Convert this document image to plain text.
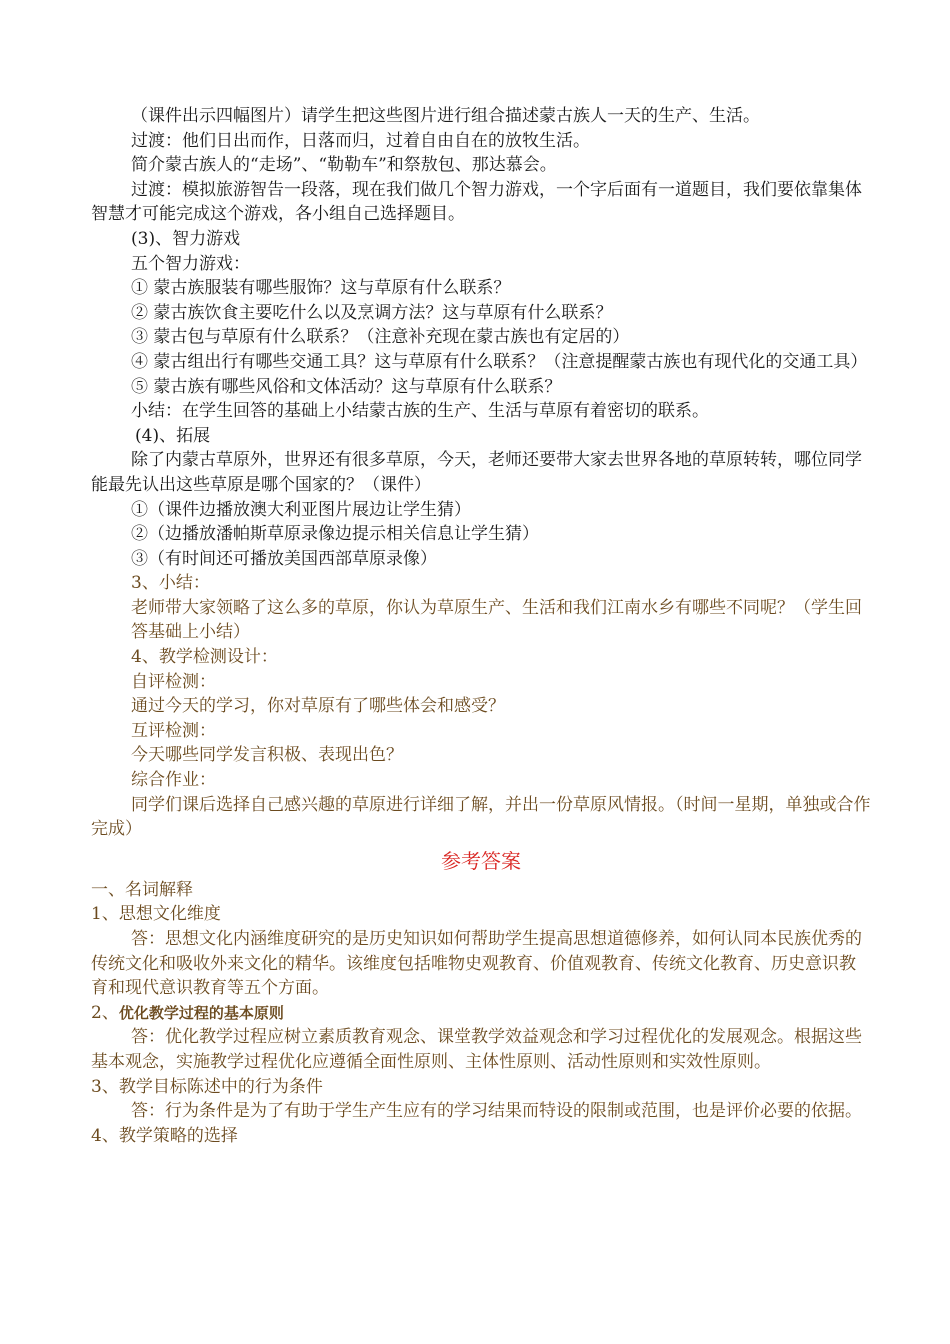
（课件出示四幅图片）请学生把这些图片进行组合描述蒙古族人一天的生产、生活。

过渡：他们日出而作，日落而归，过着自由自在的放牧生活。

简介蒙古族人的“走场”、“勒勒车”和祭敖包、那达慕会。

过渡：模拟旅游智告一段落，现在我们做几个智力游戏，一个字后面有一道题目，我们要依靠集体智慧才可能完成这个游戏，各小组自己选择题目。

(3)、智力游戏

五个智力游戏：

① 蒙古族服装有哪些服饰？这与草原有什么联系？

② 蒙古族饮食主要吃什么以及烹调方法？这与草原有什么联系？

③ 蒙古包与草原有什么联系？（注意补充现在蒙古族也有定居的）

④ 蒙古组出行有哪些交通工具？这与草原有什么联系？（注意提醒蒙古族也有现代化的交通工具）

⑤ 蒙古族有哪些风俗和文体活动？这与草原有什么联系？

小结：在学生回答的基础上小结蒙古族的生产、生活与草原有着密切的联系。

(4)、拓展

除了内蒙古草原外，世界还有很多草原，今天，老师还要带大家去世界各地的草原转转，哪位同学能最先认出这些草原是哪个国家的？（课件）

①（课件边播放澳大利亚图片展边让学生猜）

②（边播放潘帕斯草原录像边提示相关信息让学生猜）

③（有时间还可播放美国西部草原录像）

3、小结：

老师带大家领略了这么多的草原，你认为草原生产、生活和我们江南水乡有哪些不同呢？（学生回答基础上小结）

4、教学检测设计：

自评检测：

通过今天的学习，你对草原有了哪些体会和感受？

互评检测：

今天哪些同学发言积极、表现出色？

综合作业：

同学们课后选择自己感兴趣的草原进行详细了解，并出一份草原风情报。（时间一星期，单独或合作完成）

参考答案

一、名词解释

1、思想文化维度

答：思想文化内涵维度研究的是历史知识如何帮助学生提高思想道德修养，如何认同本民族优秀的传统文化和吸收外来文化的精华。该维度包括唯物史观教育、价值观教育、传统文化教育、历史意识教育和现代意识教育等五个方面。

2、优化教学过程的基本原则

答：优化教学过程应树立素质教育观念、课堂教学效益观念和学习过程优化的发展观念。根据这些基本观念，实施教学过程优化应遵循全面性原则、主体性原则、活动性原则和实效性原则。

3、教学目标陈述中的行为条件

答：行为条件是为了有助于学生产生应有的学习结果而特设的限制或范围，也是评价必要的依据。

4、教学策略的选择
